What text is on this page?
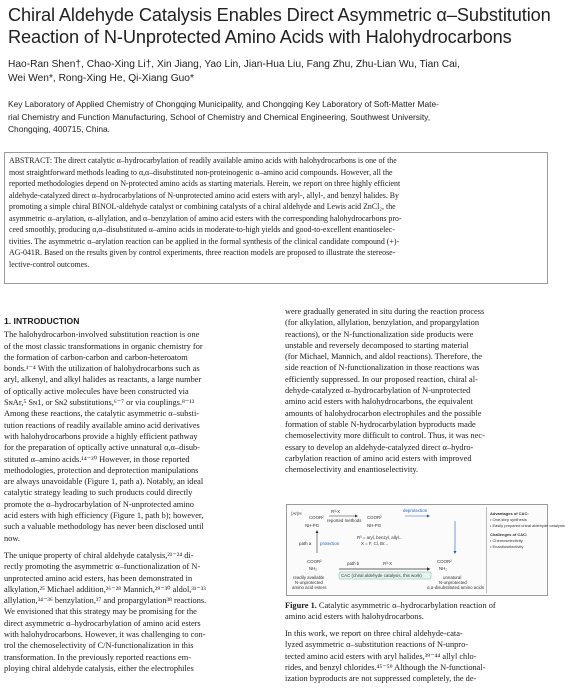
Chiral Aldehyde Catalysis Enables Direct Asymmetric α–Substitution
Reaction of N-Unprotected Amino Acids with Halohydrocarbons
Hao-Ran Shen†, Chao-Xing Li†, Xin Jiang, Yao Lin, Jian-Hua Liu, Fang Zhu, Zhu-Lian Wu, Tian Cai,
Wei Wen*, Rong-Xing He, Qi-Xiang Guo*
Key Laboratory of Applied Chemistry of Chongqing Municipality, and Chongqing Key Laboratory of Soft-Matter Mate-
rial Chemistry and Function Manufacturing, School of Chemistry and Chemical Engineering, Southwest University,
Chongqing, 400715, China.
ABSTRACT: The direct catalytic α–hydrocarbylation of readily available amino acids with halohydrocarbons is one of the
most straightforward methods leading to α,α–disubstituted non-proteinogenic α–amino acid compounds. However, all the
reported methodologies depend on N-protected amino acids as starting materials. Herein, we report on three highly efficient
aldehyde-catalyzed direct α–hydrocarbylations of N-unprotected amino acid esters with aryl-, allyl-, and benzyl halides. By
promoting a simple chiral BINOL-aldehyde catalyst or combining catalysts of a chiral aldehyde and Lewis acid ZnCl₂, the
asymmetric α–arylation, α–allylation, and α–benzylation of amino acid esters with the corresponding halohydrocarbons pro-
ceed smoothly, producing α,α–disubstituted α–amino acids in moderate-to-high yields and good-to-excellent enantioselec-
tivities. The asymmetric α–arylation reaction can be applied in the formal synthesis of the clinical candidate compound (+)-
AG-041R. Based on the results given by control experiments, three reaction models are proposed to illustrate the stereose-
lective-control outcomes.
1. INTRODUCTION
The halohydrocarbon-involved substitution reaction is one
of the most classic transformations in organic chemistry for
the formation of carbon-carbon and carbon-heteroatom
bonds.¹⁻⁴ With the utilization of halohydrocarbons such as
aryl, alkenyl, and alkyl halides as reactants, a large number
of optically active molecules have been constructed via
SɴAr,⁵ Sɴ1, or Sɴ2 substitutions,⁶⁻⁷ or via couplings.⁸⁻¹³
Among these reactions, the catalytic asymmetric α–substi-
tution reactions of readily available amino acid derivatives
with halohydrocarbons provide a highly efficient pathway
for the preparation of optically active unnatural α,α–disub-
stituted α–amino acids.¹⁴⁻²⁰ However, in those reported
methodologies, protection and deprotection manipulations
are always unavoidable (Figure 1, path a). Notably, an ideal
catalytic strategy leading to such products could directly
promote the α–hydrocarbylation of N-unprotected amino
acid esters with high efficiency (Figure 1, path b); however,
such a valuable methodology has never been disclosed until
now.
The unique property of chiral aldehyde catalysis,²¹⁻²⁴ di-
rectly promoting the asymmetric α–functionalization of N-
unprotected amino acid esters, has been demonstrated in
alkylation,²⁵ Michael addition,²⁶⁻²⁸ Mannich,²⁹⁻³⁰ aldol,³¹⁻³³
allylation,³⁴⁻³⁶ benzylation,³⁷ and propargylation³⁸ reactions.
We envisioned that this strategy may be promising for the
direct asymmetric α–hydrocarbylation of amino acid esters
with halohydrocarbons. However, it was challenging to con-
trol the chemoselectivity of C/N-functionalization in this
transformation. In the previously reported reactions em-
ploying chiral aldehyde catalysis, either the electrophiles
were gradually generated in situ during the reaction process
(for alkylation, allylation, benzylation, and propargylation
reactions), or the N-functionalization side products were
unstable and reversely decomposed to starting material
(for Michael, Mannich, and aldol reactions). Therefore, the
side reaction of N-functionalization in those reactions was
efficiently suppressed. In our proposed reaction, chiral al-
dehyde-catalyzed α–hydrocarbylation of N-unprotected
amino acid esters with halohydrocarbons, the equivalent
amounts of halohydrocarbon electrophiles and the possible
formation of stable N-hydrocarbylation byproducts made
chemoselectivity more difficult to control. Thus, it was nec-
essary to develop an aldehyde-catalyzed direct α–hydro-
carbylation reaction of amino acid esters with improved
chemoselectivity and enantioselectivity.
(Ar)H
COOR²
NH-PG
R³-X
reported methods
COOR²
NH-PG
deprotection
R³ = aryl, benzyl, allyl...
X = F, Cl, Br...
path a protection
COOR²
NH₂
readily available
N-unprotected
amino acid esters
path b	R³-X
CAC (chiral aldehyde catalysis, this work)
COOR²
NH₂
unnatural
N-unprotected
α,α-disubstituted amino acids
Advantages of CAC:
• One-step synthesis
• Easily prepared chiral aldehyde catalysts
Challenges of CAC:
• Chemoselectivity
• Enantioselectivity
Figure 1. Catalytic asymmetric α–hydrocarbylation reaction of
amino acid esters with halohydrocarbons.
In this work, we report on three chiral aldehyde-cata-
lyzed asymmetric α–substitution reactions of N-unpro-
tected amino acid esters with aryl halides,³⁹⁻⁴⁴ allyl chlo-
rides, and benzyl chlorides.⁴⁵⁻⁵⁹ Although the N-functional-
ization byproducts are not suppressed completely, the de-
